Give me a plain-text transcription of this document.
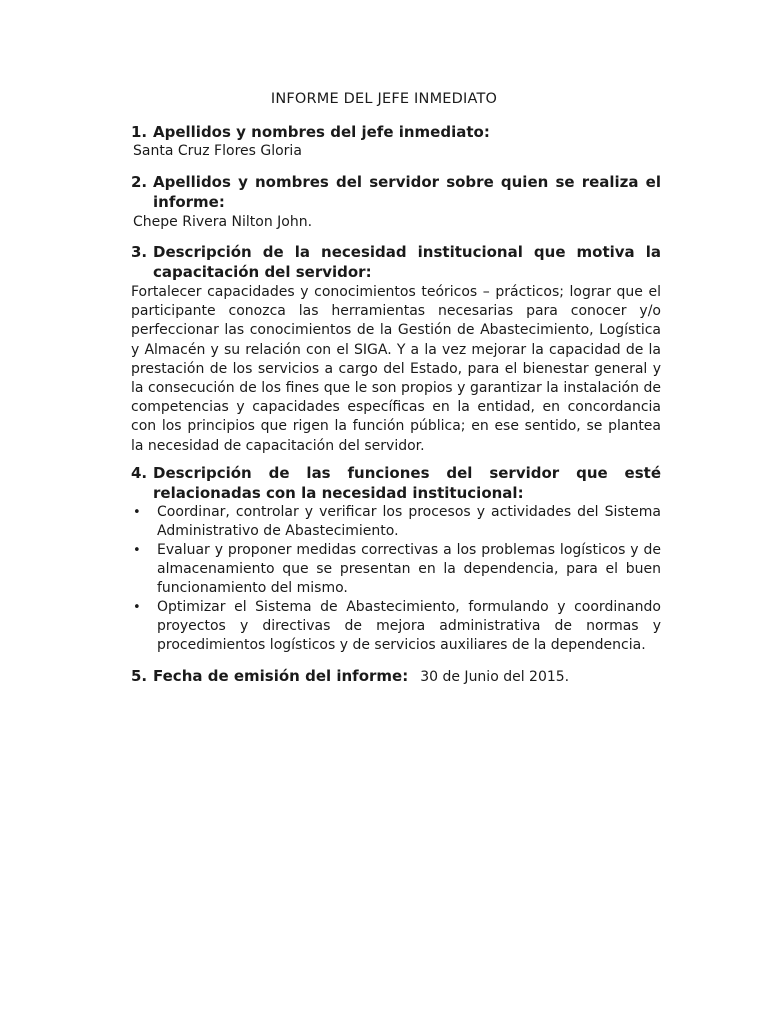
INFORME DEL JEFE INMEDIATO
1. Apellidos y nombres del jefe inmediato:
Santa Cruz Flores Gloria
2. Apellidos y nombres del servidor sobre quien se realiza el informe:
Chepe Rivera Nilton John.
3. Descripción de la necesidad institucional que motiva la capacitación del servidor:
Fortalecer capacidades y conocimientos teóricos – prácticos; lograr que el participante conozca las herramientas necesarias para conocer y/o perfeccionar las conocimientos de la Gestión de Abastecimiento, Logística y Almacén y su relación con el SIGA. Y a la vez mejorar la capacidad de la prestación de los servicios a cargo del Estado, para el bienestar general y la consecución de los fines que le son propios y garantizar la instalación de competencias y capacidades específicas en la entidad, en concordancia con los principios que rigen la función pública; en ese sentido, se plantea la necesidad de capacitación del servidor.
4. Descripción de las funciones del servidor que esté relacionadas con la necesidad institucional:
•	Coordinar, controlar y verificar los procesos y actividades del Sistema Administrativo de Abastecimiento.
•	Evaluar y proponer medidas correctivas a los problemas logísticos y de almacenamiento que se presentan en la dependencia, para el buen funcionamiento del mismo.
•	Optimizar el Sistema de Abastecimiento, formulando y coordinando proyectos y directivas de mejora administrativa de normas y procedimientos logísticos y de servicios auxiliares de la dependencia.
5. Fecha de emisión del informe: 30 de Junio del 2015.
